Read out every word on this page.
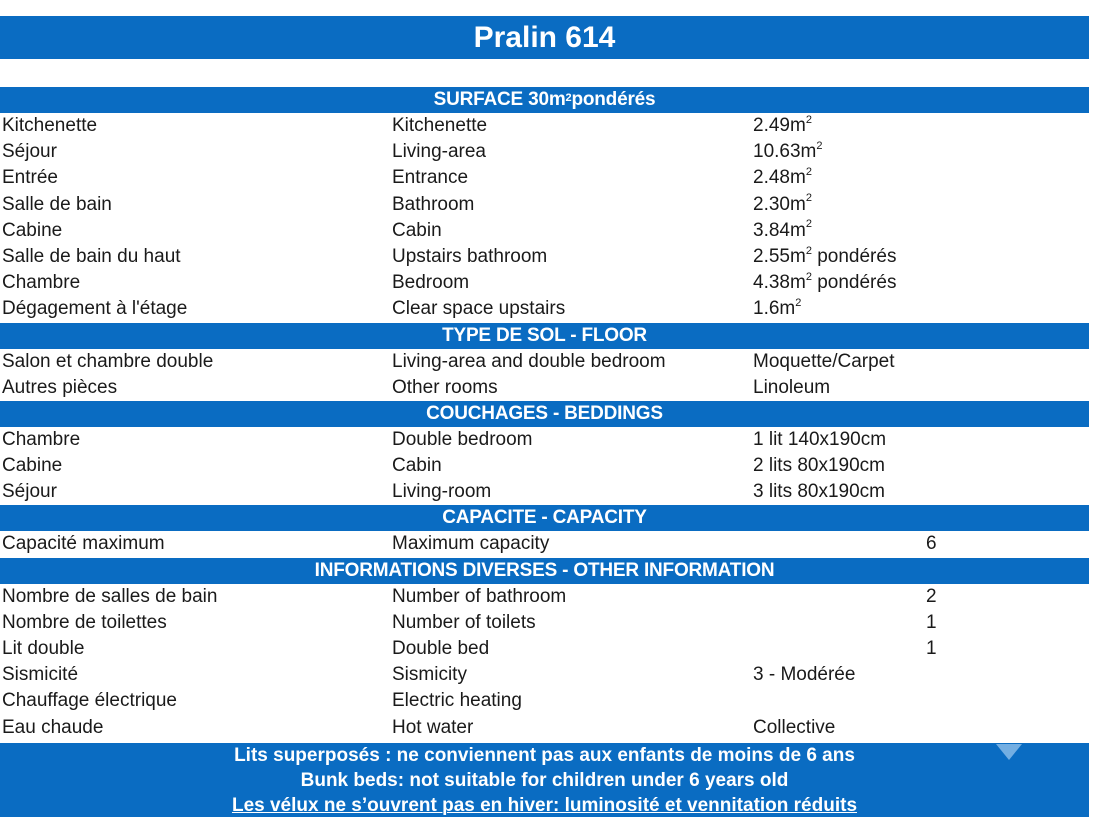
Pralin 614
SURFACE $30m^2$ pondérés
Kitchenette	Kitchenette	$2.49m^2$
Séjour	Living-area	$10.63m^2$
Entrée	Entrance	$2.48m^2$
Salle de bain	Bathroom	$2.30m^2$
Cabine	Cabin	$3.84m^2$
Salle de bain du haut	Upstairs bathroom	$2.55m^2$ pondérés
Chambre	Bedroom	$4.38m^2$ pondérés
Dégagement à l'étage	Clear space upstairs	$1.6m^2$
TYPE DE SOL - FLOOR
Salon et chambre double	Living-area and double bedroom	Moquette/Carpet
Autres pièces	Other rooms	Linoleum
COUCHAGES - BEDDINGS
Chambre	Double bedroom	1 lit 140x190cm
Cabine	Cabin	2 lits 80x190cm
Séjour	Living-room	3 lits 80x190cm
CAPACITE - CAPACITY
Capacité maximum	Maximum capacity	6
INFORMATIONS DIVERSES - OTHER INFORMATION
Nombre de salles de bain	Number of bathroom	2
Nombre de toilettes	Number of toilets	1
Lit double	Double bed	1
Sismicité	Sismicity	3 - Modérée
Chauffage électrique	Electric heating
Eau chaude	Hot water	Collective
Lits superposés : ne conviennent pas aux enfants de moins de 6 ans
Bunk beds: not suitable for children under 6 years old
Les vélux ne s’ouvrent pas en hiver: luminosité et vennitation réduits
